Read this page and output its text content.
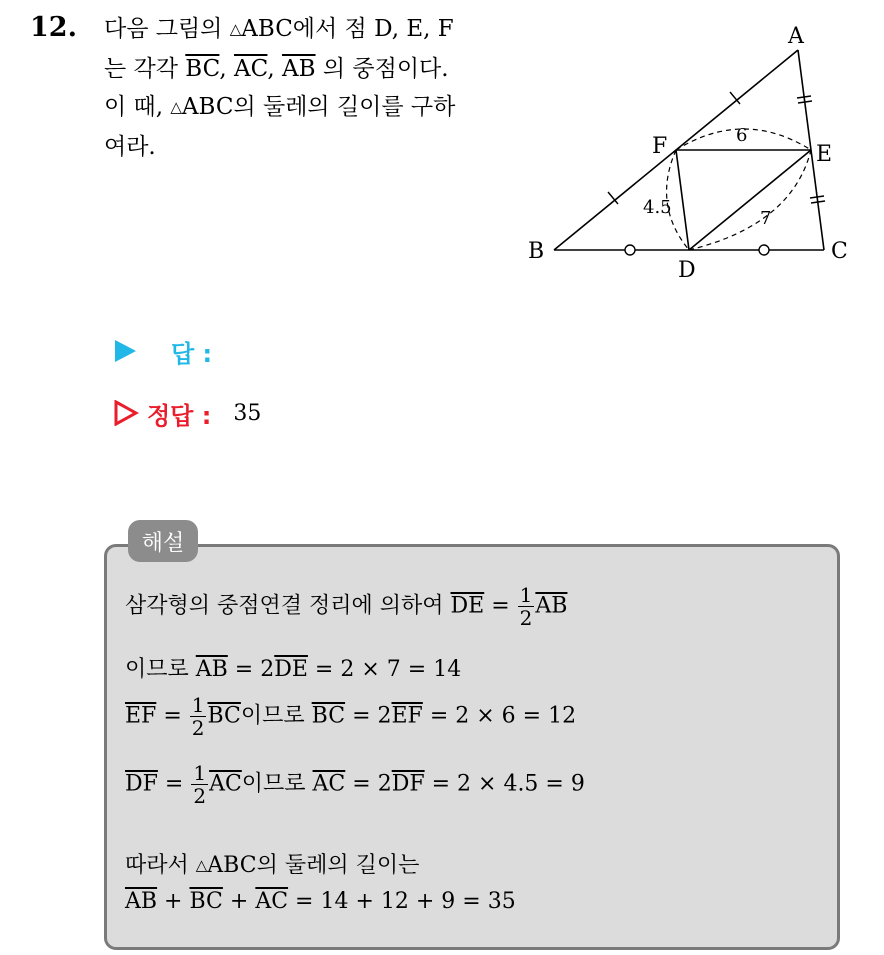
12. 다음 그림의 △ABC에서 점 D, E, F
는 각각 $\overline{BC}$, $\overline{AC}$, $\overline{AB}$ 의 중점이다.
이 때, △ABC의 둘레의 길이를 구하
여라.
A
B	C
D
E
F	6
4.5
7
답 :
정답 : 35
해설
삼각형의 중점연결 정리에 의하여 $\overline{DE} = \frac{1}{2} \overline{AB}$
이므로 $\overline{AB} = 2\overline{DE} = 2 \times 7 = 14$
$\overline{EF} = \frac{1}{2} \overline{BC}$이므로 $\overline{BC} = 2\overline{EF} = 2 \times 6 = 12$
$\overline{DF} = \frac{1}{2} \overline{AC}$이므로 $\overline{AC} = 2\overline{DF} = 2 \times 4.5 = 9$
따라서 △ABC의 둘레의 길이는
$\overline{AB} + \overline{BC} + \overline{AC} = 14 + 12 + 9 = 35$
